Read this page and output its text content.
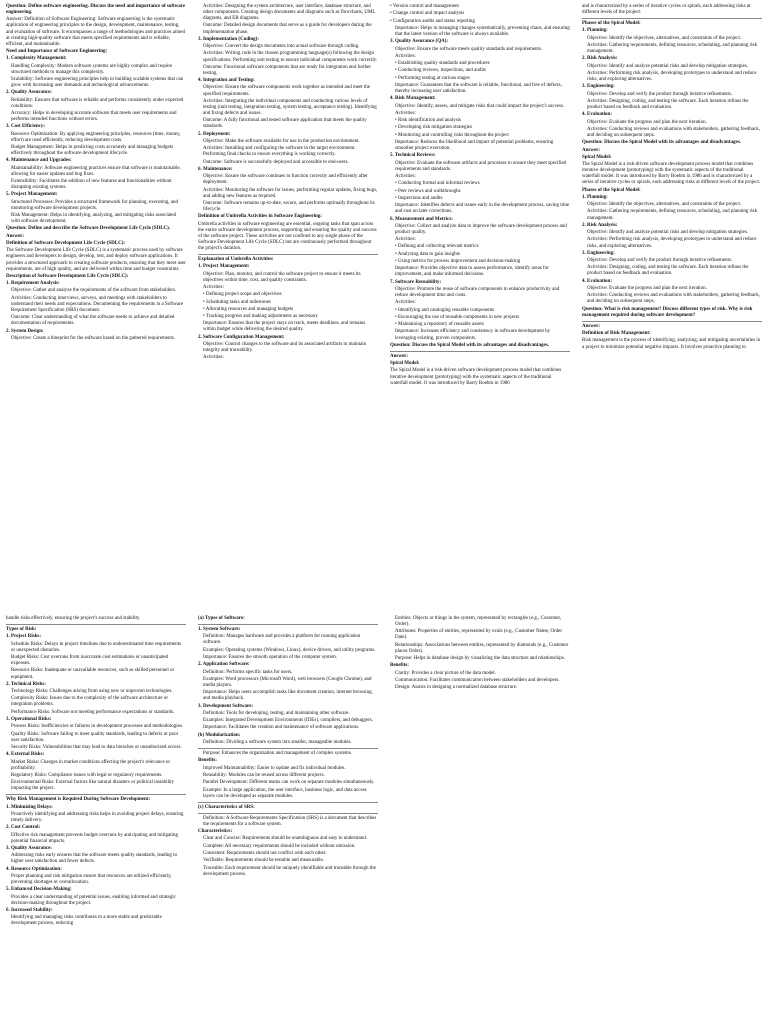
Question: Define software engineering. Discuss the need and importance of software engineering.

Answer: Definition of Software Engineering: Software engineering is the systematic application of engineering principles to the design, development, maintenance, testing, and evaluation of software. It encompasses a range of methodologies and practices aimed at creating high-quality software that meets specified requirements and is reliable, efficient, and maintainable.

Need and Importance of Software Engineering:

1. Complexity Management:

Handling Complexity: Modern software systems are highly complex and require structured methods to manage this complexity.

Scalability: Software engineering principles help in building scalable systems that can grow with increasing user demands and technological advancements.

2. Quality Assurance:

Reliability: Ensures that software is reliable and performs consistently under expected conditions.

Accuracy: Helps in developing accurate software that meets user requirements and performs intended functions without errors.

3. Cost Efficiency:

Resource Optimization: By applying engineering principles, resources (time, money, effort) are used efficiently, reducing development costs.

Budget Management: Helps in predicting costs accurately and managing budgets effectively throughout the software development lifecycle.

4. Maintenance and Upgrades:

Maintainability: Software engineering practices ensure that software is maintainable, allowing for easier updates and bug fixes.

Extensibility: Facilitates the addition of new features and functionalities without disrupting existing systems.

5. Project Management:

Structured Processes: Provides a structured framework for planning, executing, and monitoring software development projects.

Risk Management: Helps in identifying, analyzing, and mitigating risks associated with software development.

Question: Define and describe the Software Development Life Cycle (SDLC).

Answer:

Definition of Software Development Life Cycle (SDLC):

The Software Development Life Cycle (SDLC) is a systematic process used by software engineers and developers to design, develop, test, and deploy software applications. It provides a structured approach to creating software products, ensuring that they meet user requirements, are of high quality, and are delivered within time and budget constraints.

Description of Software Development Life Cycle (SDLC):

1. Requirement Analysis:

Objective: Gather and analyze the requirements of the software from stakeholders.

Activities: Conducting interviews, surveys, and meetings with stakeholders to understand their needs and expectations. Documenting the requirements in a Software Requirement Specification (SRS) document.

Outcome: Clear understanding of what the software needs to achieve and detailed documentation of requirements.

2. System Design:

Objective: Create a blueprint for the software based on the gathered requirements.

Activities: Designing the system architecture, user interface, database structure, and other components. Creating design documents and diagrams such as flowcharts, UML diagrams, and ER diagrams.

Outcome: Detailed design documents that serve as a guide for developers during the implementation phase.

3. Implementation (Coding):

Objective: Convert the design documents into actual software through coding.

Activities: Writing code in the chosen programming language(s) following the design specifications. Performing unit testing to ensure individual components work correctly.

Outcome: Functional software components that are ready for integration and further testing.

4. Integration and Testing:

Objective: Ensure the software components work together as intended and meet the specified requirements.

Activities: Integrating the individual components and conducting various levels of testing (unit testing, integration testing, system testing, acceptance testing). Identifying and fixing defects and issues.

Outcome: A fully functional and tested software application that meets the quality standards.

5. Deployment:

Objective: Make the software available for use in the production environment.

Activities: Installing and configuring the software in the target environment. Performing final checks to ensure everything is working correctly.

Outcome: Software is successfully deployed and accessible to end-users.

6. Maintenance:

Objective: Ensure the software continues to function correctly and efficiently after deployment.

Activities: Monitoring the software for issues, performing regular updates, fixing bugs, and adding new features as required.

Outcome: Software remains up-to-date, secure, and performs optimally throughout its lifecycle.

Definition of Umbrella Activities in Software Engineering:

Umbrella activities in software engineering are essential, ongoing tasks that span across the entire software development process, supporting and ensuring the quality and success of the software project. These activities are not confined to any single phase of the Software Development Life Cycle (SDLC) but are continuously performed throughout the project's duration.

Explanation of Umbrella Activities:

1. Project Management:

Objective: Plan, monitor, and control the software project to ensure it meets its objectives within time, cost, and quality constraints.

Activities:

• Defining project scope and objectives

• Scheduling tasks and milestones

• Allocating resources and managing budgets

• Tracking progress and making adjustments as necessary

Importance: Ensures that the project stays on track, meets deadlines, and remains within budget while delivering the desired quality.

2. Software Configuration Management:

Objective: Control changes to the software and its associated artifacts to maintain integrity and traceability.

Activities:

• Version control and management

• Change control and impact analysis

• Configuration audits and status reporting

Importance: Helps in managing changes systematically, preventing chaos, and ensuring that the latest version of the software is always available.

3. Quality Assurance (QA):

Objective: Ensure the software meets quality standards and requirements.

Activities:

• Establishing quality standards and procedures

• Conducting reviews, inspections, and audits

• Performing testing at various stages

Importance: Guarantees that the software is reliable, functional, and free of defects, thereby increasing user satisfaction.

4. Risk Management:

Objective: Identify, assess, and mitigate risks that could impact the project's success.

Activities:

• Risk identification and analysis

• Developing risk mitigation strategies

• Monitoring and controlling risks throughout the project

Importance: Reduces the likelihood and impact of potential problems, ensuring smoother project execution.

5. Technical Reviews:

Objective: Evaluate the software artifacts and processes to ensure they meet specified requirements and standards.

Activities:

• Conducting formal and informal reviews

• Peer reviews and walkthroughs

• Inspections and audits

Importance: Identifies defects and issues early in the development process, saving time and cost on later corrections.

6. Measurement and Metrics:

Objective: Collect and analyze data to improve the software development process and product quality.

Activities:

• Defining and collecting relevant metrics

• Analyzing data to gain insights

• Using metrics for process improvement and decision-making

Importance: Provides objective data to assess performance, identify areas for improvement, and make informed decisions.

7. Software Reusability:

Objective: Promote the reuse of software components to enhance productivity and reduce development time and costs.

Activities:

• Identifying and cataloging reusable components

• Encouraging the use of reusable components in new projects

• Maintaining a repository of reusable assets

Importance: Increases efficiency and consistency in software development by leveraging existing, proven components.

Question: Discuss the Spiral Model with its advantages and disadvantages.

Answer:

Spiral Model:

The Spiral Model is a risk-driven software development process model that combines iterative development (prototyping) with the systematic aspects of the traditional waterfall model. It was introduced by Barry Boehm in 1986

and is characterized by a series of iterative cycles or spirals, each addressing risks at different levels of the project.

Phases of the Spiral Model:

1. Planning:

Objective: Identify the objectives, alternatives, and constraints of the project.

Activities: Gathering requirements, defining resources, scheduling, and planning risk management.

2. Risk Analysis:

Objective: Identify and analyze potential risks and develop mitigation strategies.

Activities: Performing risk analysis, developing prototypes to understand and reduce risks, and exploring alternatives.

3. Engineering:

Objective: Develop and verify the product through iterative refinements.

Activities: Designing, coding, and testing the software. Each iteration refines the product based on feedback and evaluation.

4. Evaluation:

Objective: Evaluate the progress and plan the next iteration.

Activities: Conducting reviews and evaluations with stakeholders, gathering feedback, and deciding on subsequent steps.

Question: Discuss the Spiral Model with its advantages and disadvantages.

Answer:

Spiral Model:

The Spiral Model is a risk-driven software development process model that combines iterative development (prototyping) with the systematic aspects of the traditional waterfall model. It was introduced by Barry Boehm in 1986 and is characterized by a series of iterative cycles or spirals, each addressing risks at different levels of the project.

Phases of the Spiral Model:

1. Planning:

Objective: Identify the objectives, alternatives, and constraints of the project.

Activities: Gathering requirements, defining resources, scheduling, and planning risk management.

2. Risk Analysis:

Objective: Identify and analyze potential risks and develop mitigation strategies.

Activities: Performing risk analysis, developing prototypes to understand and reduce risks, and exploring alternatives.

3. Engineering:

Objective: Develop and verify the product through iterative refinements.

Activities: Designing, coding, and testing the software. Each iteration refines the product based on feedback and evaluation.

4. Evaluation:

Objective: Evaluate the progress and plan the next iteration.

Activities: Conducting reviews and evaluations with stakeholders, gathering feedback, and deciding on subsequent steps.

Question: What is risk management? Discuss different types of risk. Why is risk management required during software development?

Answer:

Definition of Risk Management:

Risk management is the process of identifying, analyzing, and mitigating uncertainties in a project to minimize potential negative impacts. It involves proactive planning to

handle risks effectively, ensuring the project's success and stability.

Types of Risk:

1. Project Risks:

Schedule Risks: Delays in project timelines due to underestimated time requirements or unexpected obstacles.

Budget Risks: Cost overruns from inaccurate cost estimations or unanticipated expenses.

Resource Risks: Inadequate or unavailable resources, such as skilled personnel or equipment.

2. Technical Risks:

Technology Risks: Challenges arising from using new or unproven technologies.

Complexity Risks: Issues due to the complexity of the software architecture or integration problems.

Performance Risks: Software not meeting performance expectations or standards.

3. Operational Risks:

Process Risks: Inefficiencies or failures in development processes and methodologies.

Quality Risks: Software failing to meet quality standards, leading to defects or poor user satisfaction.

Security Risks: Vulnerabilities that may lead to data breaches or unauthorized access.

4. External Risks:

Market Risks: Changes in market conditions affecting the project's relevance or profitability.

Regulatory Risks: Compliance issues with legal or regulatory requirements.

Environmental Risks: External factors like natural disasters or political instability impacting the project.

Why Risk Management is Required During Software Development:

1. Minimizing Delays:

Proactively identifying and addressing risks helps in avoiding project delays, ensuring timely delivery.

2. Cost Control:

Effective risk management prevents budget overruns by anticipating and mitigating potential financial impacts.

3. Quality Assurance:

Addressing risks early ensures that the software meets quality standards, leading to higher user satisfaction and fewer defects.

4. Resource Optimization:

Proper planning and risk mitigation ensure that resources are utilized efficiently, preventing shortages or overallocation.

5. Enhanced Decision-Making:

Provides a clear understanding of potential issues, enabling informed and strategic decision-making throughout the project.

6. Increased Stability:

Identifying and managing risks contributes to a more stable and predictable development process, reducing

(a) Types of Software:

1. System Software:

Definition: Manages hardware and provides a platform for running application software.

Examples: Operating systems (Windows, Linux), device drivers, and utility programs.

Importance: Ensures the smooth operation of the computer system.

2. Application Software:

Definition: Performs specific tasks for users.

Examples: Word processors (Microsoft Word), web browsers (Google Chrome), and media players.

Importance: Helps users accomplish tasks like document creation, internet browsing, and media playback.

3. Development Software:

Definition: Tools for developing, testing, and maintaining other software.

Examples: Integrated Development Environments (IDEs), compilers, and debuggers.

Importance: Facilitates the creation and maintenance of software applications.

(b) Modularization:

Definition: Dividing a software system into smaller, manageable modules.

Purpose: Enhances the organization and management of complex systems.

Benefits:

Improved Maintainability: Easier to update and fix individual modules.

Reusability: Modules can be reused across different projects.

Parallel Development: Different teams can work on separate modules simultaneously.

Example: In a large application, the user interface, business logic, and data access layers can be developed as separate modules.

(c) Characteristics of SRS:

Definition: A Software Requirements Specification (SRS) is a document that describes the requirements for a software system.

Characteristics:

Clear and Concise: Requirements should be unambiguous and easy to understand.

Complete: All necessary requirements should be included without omission.

Consistent: Requirements should not conflict with each other.

Verifiable: Requirements should be testable and measurable.

Traceable: Each requirement should be uniquely identifiable and traceable through the development process.

Entities: Objects or things in the system, represented by rectangles (e.g., Customer, Order).

Attributes: Properties of entities, represented by ovals (e.g., Customer Name, Order Date).

Relationships: Associations between entities, represented by diamonds (e.g., Customer places Order).

Purpose: Helps in database design by visualizing the data structure and relationships.

Benefits:

Clarity: Provides a clear picture of the data model.

Communication: Facilitates communication between stakeholders and developers.

Design: Assists in designing a normalized database structure.
